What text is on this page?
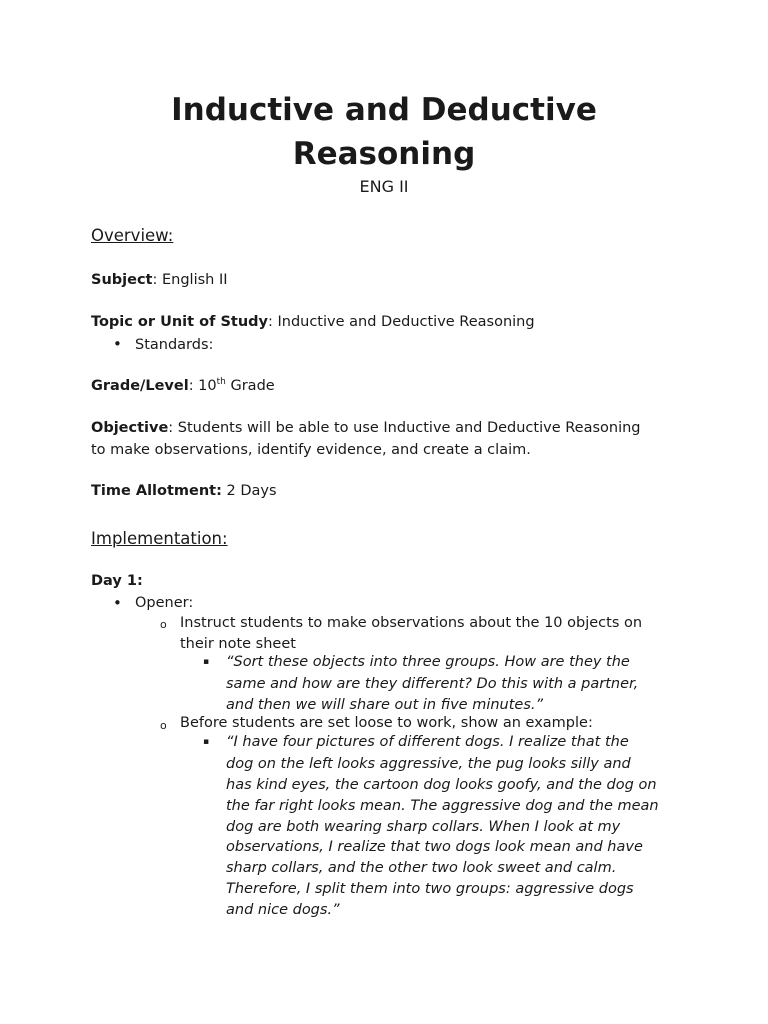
Inductive and Deductive
Reasoning
ENG II
Overview:
Subject: English II
Topic or Unit of Study: Inductive and Deductive Reasoning
• Standards:
Grade/Level: 10th Grade
Objective: Students will be able to use Inductive and Deductive Reasoning
to make observations, identify evidence, and create a claim.
Time Allotment: 2 Days
Implementation:
Day 1:
• Opener:
o Instruct students to make observations about the 10 objects on
their note sheet
▪ “Sort these objects into three groups. How are they the
same and how are they different? Do this with a partner,
and then we will share out in five minutes.”
o Before students are set loose to work, show an example:
▪ “I have four pictures of different dogs. I realize that the
dog on the left looks aggressive, the pug looks silly and
has kind eyes, the cartoon dog looks goofy, and the dog on
the far right looks mean. The aggressive dog and the mean
dog are both wearing sharp collars. When I look at my
observations, I realize that two dogs look mean and have
sharp collars, and the other two look sweet and calm.
Therefore, I split them into two groups: aggressive dogs
and nice dogs.”
